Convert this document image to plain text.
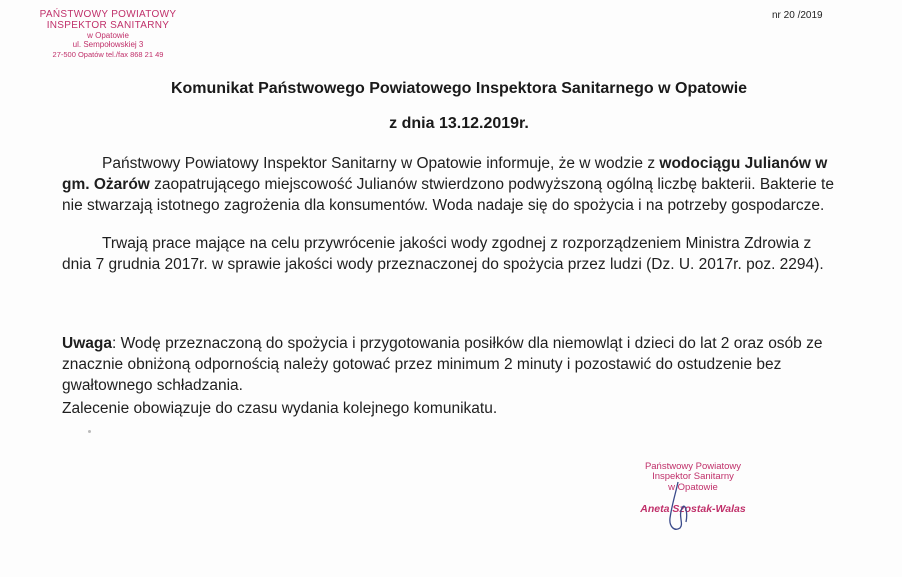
PAŃSTWOWY POWIATOWY
INSPEKTOR SANITARNY
w Opatowie
ul. Sempołowskiej 3
27-500 Opatów tel./fax 868 21 49
nr 20 /2019
Komunikat Państwowego Powiatowego Inspektora Sanitarnego w Opatowie
z dnia 13.12.2019r.
Państwowy Powiatowy Inspektor Sanitarny w Opatowie informuje, że w wodzie z wodociągu Julianów w gm. Ożarów zaopatrującego miejscowość Julianów stwierdzono podwyższoną ogólną liczbę bakterii. Bakterie te nie stwarzają istotnego zagrożenia dla konsumentów. Woda nadaje się do spożycia i na potrzeby gospodarcze.
Trwają prace mające na celu przywrócenie jakości wody zgodnej z rozporządzeniem Ministra Zdrowia z dnia 7 grudnia 2017r. w sprawie jakości wody przeznaczonej do spożycia przez ludzi (Dz. U. 2017r. poz. 2294).
Uwaga: Wodę przeznaczoną do spożycia i przygotowania posiłków dla niemowląt i dzieci do lat 2 oraz osób ze znacznie obniżoną odpornością należy gotować przez minimum 2 minuty i pozostawić do ostudzenie bez gwałtownego schładzania.
Zalecenie obowiązuje do czasu wydania kolejnego komunikatu.
Państwowy Powiatowy
Inspektor Sanitarny
w Opatowie
Aneta Szostak-Walas
